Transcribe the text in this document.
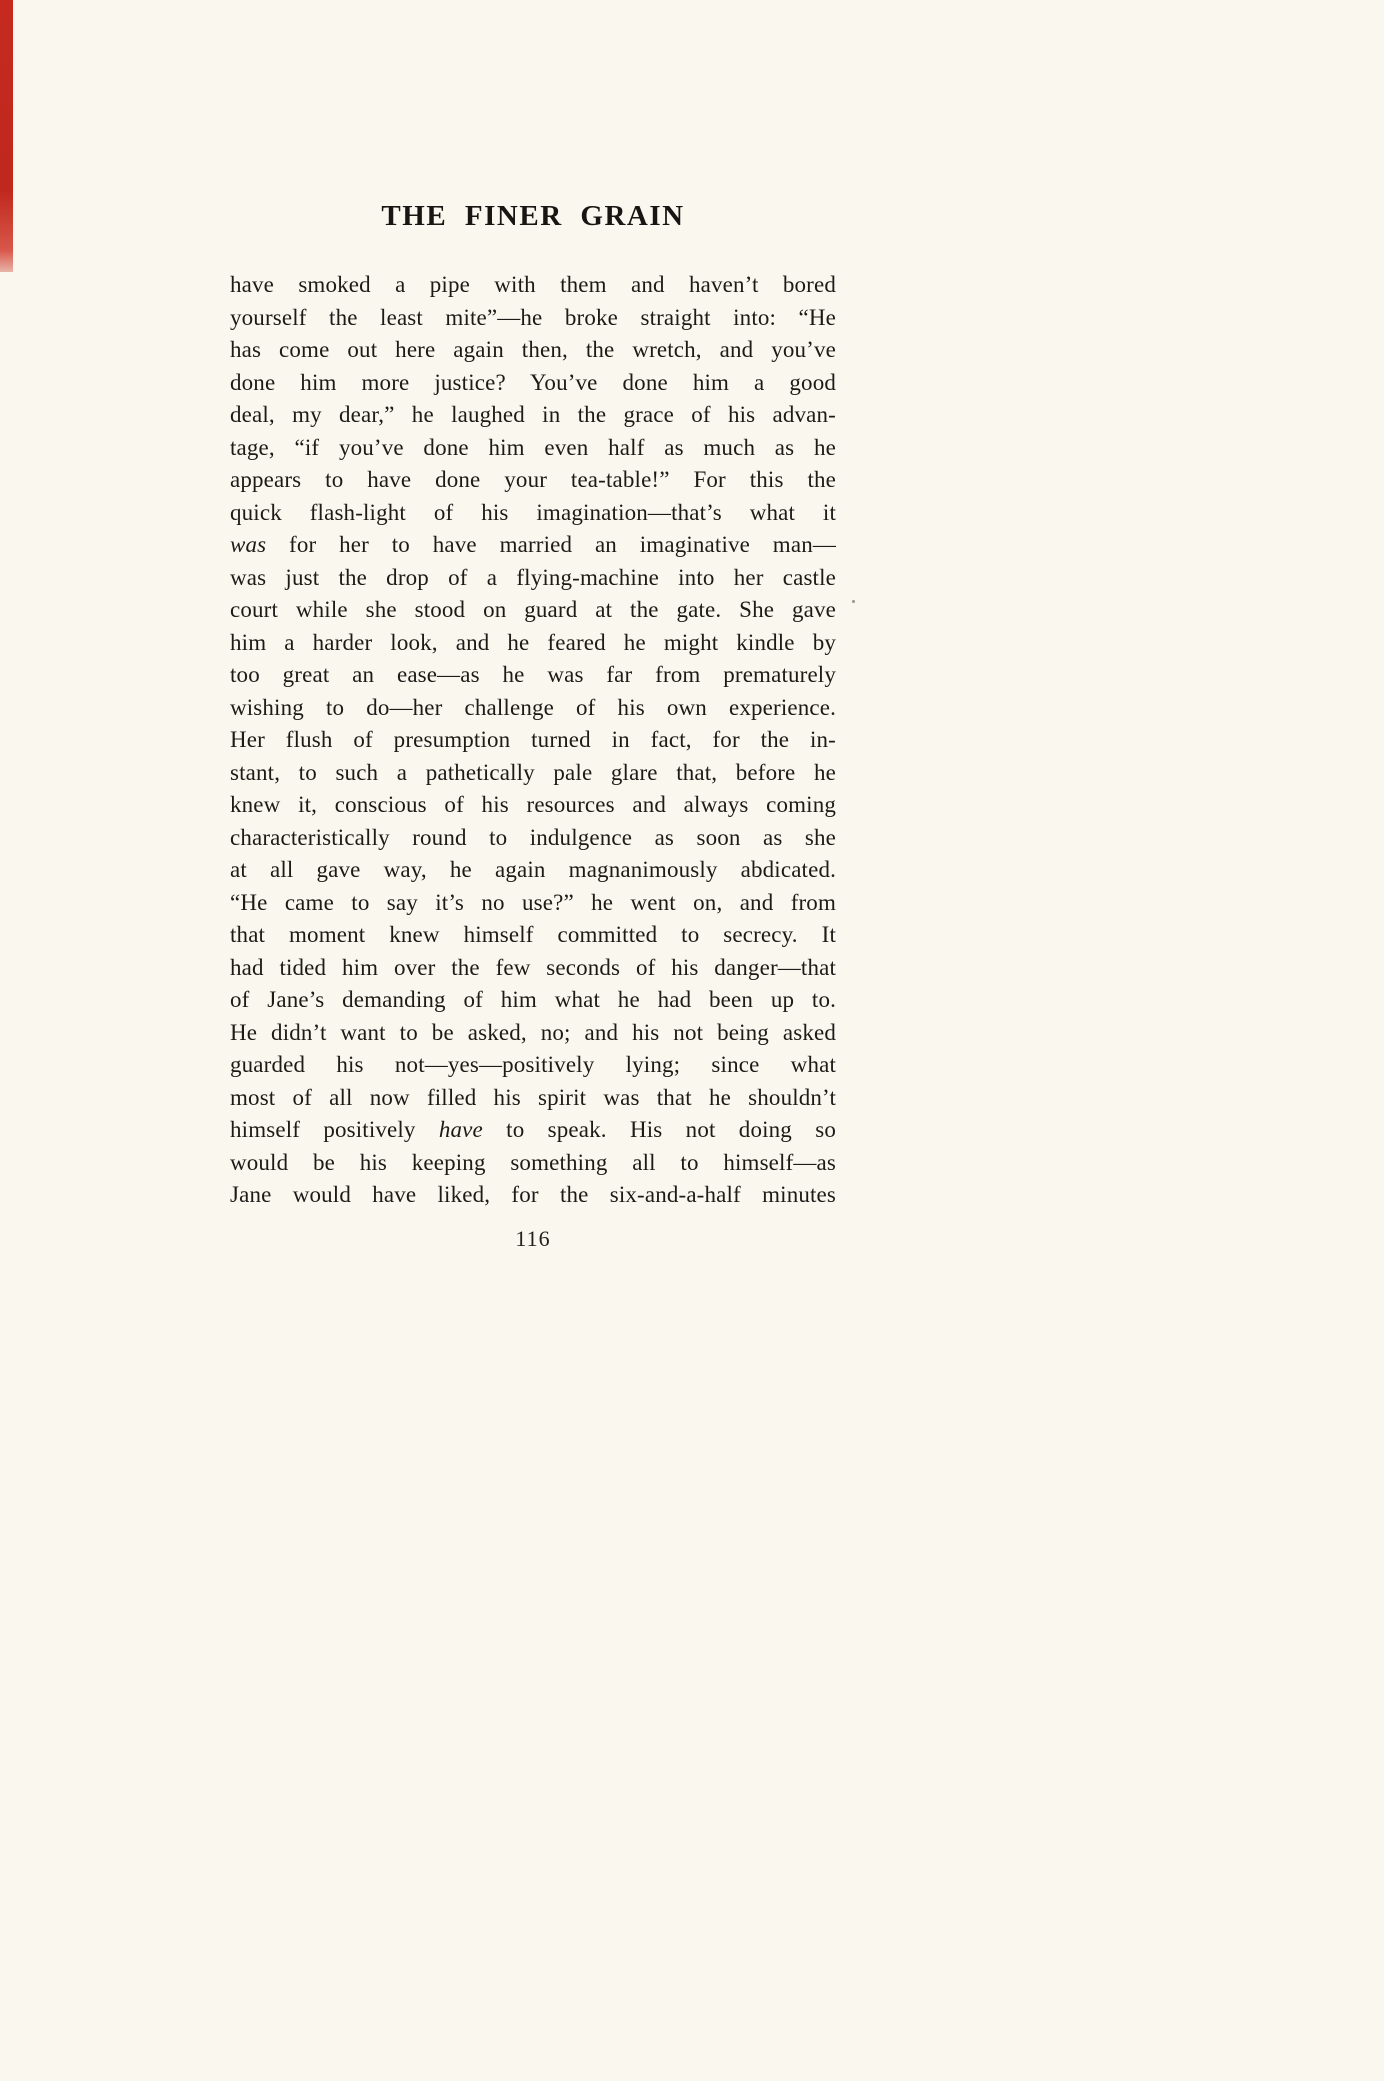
THE FINER GRAIN
have smoked a pipe with them and haven’t bored
yourself the least mite”—he broke straight into: “He
has come out here again then, the wretch, and you’ve
done him more justice? You’ve done him a good
deal, my dear,” he laughed in the grace of his advan-
tage, “if you’ve done him even half as much as he
appears to have done your tea-table!” For this the
quick flash-light of his imagination—that’s what it
was for her to have married an imaginative man—
was just the drop of a flying-machine into her castle
court while she stood on guard at the gate. She gave
him a harder look, and he feared he might kindle by
too great an ease—as he was far from prematurely
wishing to do—her challenge of his own experience.
Her flush of presumption turned in fact, for the in-
stant, to such a pathetically pale glare that, before he
knew it, conscious of his resources and always coming
characteristically round to indulgence as soon as she
at all gave way, he again magnanimously abdicated.
“He came to say it’s no use?” he went on, and from
that moment knew himself committed to secrecy. It
had tided him over the few seconds of his danger—that
of Jane’s demanding of him what he had been up to.
He didn’t want to be asked, no; and his not being asked
guarded his not—yes—positively lying; since what
most of all now filled his spirit was that he shouldn’t
himself positively have to speak. His not doing so
would be his keeping something all to himself—as
Jane would have liked, for the six-and-a-half minutes
116
